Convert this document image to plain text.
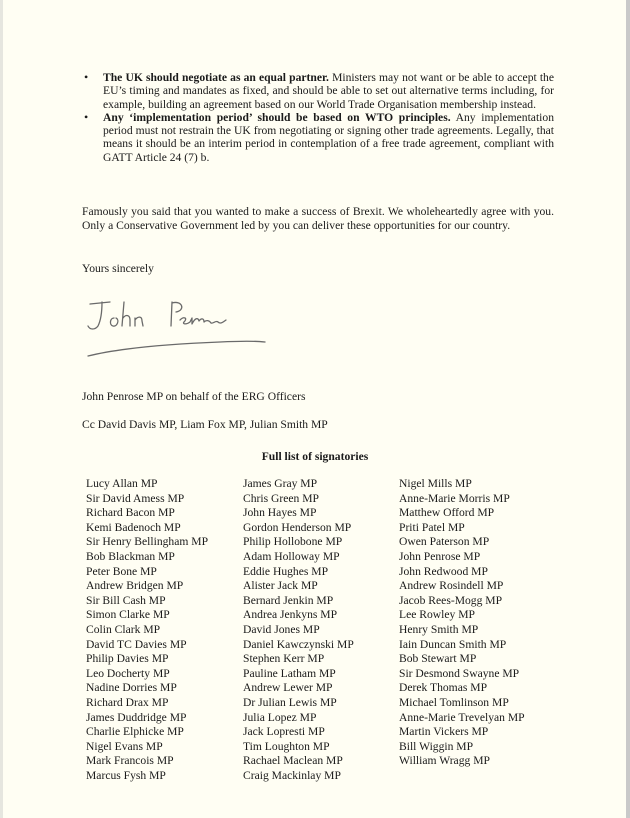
• The UK should negotiate as an equal partner. Ministers may not want or be able to accept the EU’s timing and mandates as fixed, and should be able to set out alternative terms including, for example, building an agreement based on our World Trade Organisation membership instead.
• Any ‘implementation period’ should be based on WTO principles. Any implementation period must not restrain the UK from negotiating or signing other trade agreements. Legally, that means it should be an interim period in contemplation of a free trade agreement, compliant with GATT Article 24 (7) b.

Famously you said that you wanted to make a success of Brexit. We wholeheartedly agree with you. Only a Conservative Government led by you can deliver these opportunities for our country.

Yours sincerely

John Penrose MP on behalf of the ERG Officers

Cc David Davis MP, Liam Fox MP, Julian Smith MP

Full list of signatories

Lucy Allan MP
Sir David Amess MP
Richard Bacon MP
Kemi Badenoch MP
Sir Henry Bellingham MP
Bob Blackman MP
Peter Bone MP
Andrew Bridgen MP
Sir Bill Cash MP
Simon Clarke MP
Colin Clark MP
David TC Davies MP
Philip Davies MP
Leo Docherty MP
Nadine Dorries MP
Richard Drax MP
James Duddridge MP
Charlie Elphicke MP
Nigel Evans MP
Mark Francois MP
Marcus Fysh MP
James Gray MP
Chris Green MP
John Hayes MP
Gordon Henderson MP
Philip Hollobone MP
Adam Holloway MP
Eddie Hughes MP
Alister Jack MP
Bernard Jenkin MP
Andrea Jenkyns MP
David Jones MP
Daniel Kawczynski MP
Stephen Kerr MP
Pauline Latham MP
Andrew Lewer MP
Dr Julian Lewis MP
Julia Lopez MP
Jack Lopresti MP
Tim Loughton MP
Rachael Maclean MP
Craig Mackinlay MP
Nigel Mills MP
Anne-Marie Morris MP
Matthew Offord MP
Priti Patel MP
Owen Paterson MP
John Penrose MP
John Redwood MP
Andrew Rosindell MP
Jacob Rees-Mogg MP
Lee Rowley MP
Henry Smith MP
Iain Duncan Smith MP
Bob Stewart MP
Sir Desmond Swayne MP
Derek Thomas MP
Michael Tomlinson MP
Anne-Marie Trevelyan MP
Martin Vickers MP
Bill Wiggin MP
William Wragg MP
